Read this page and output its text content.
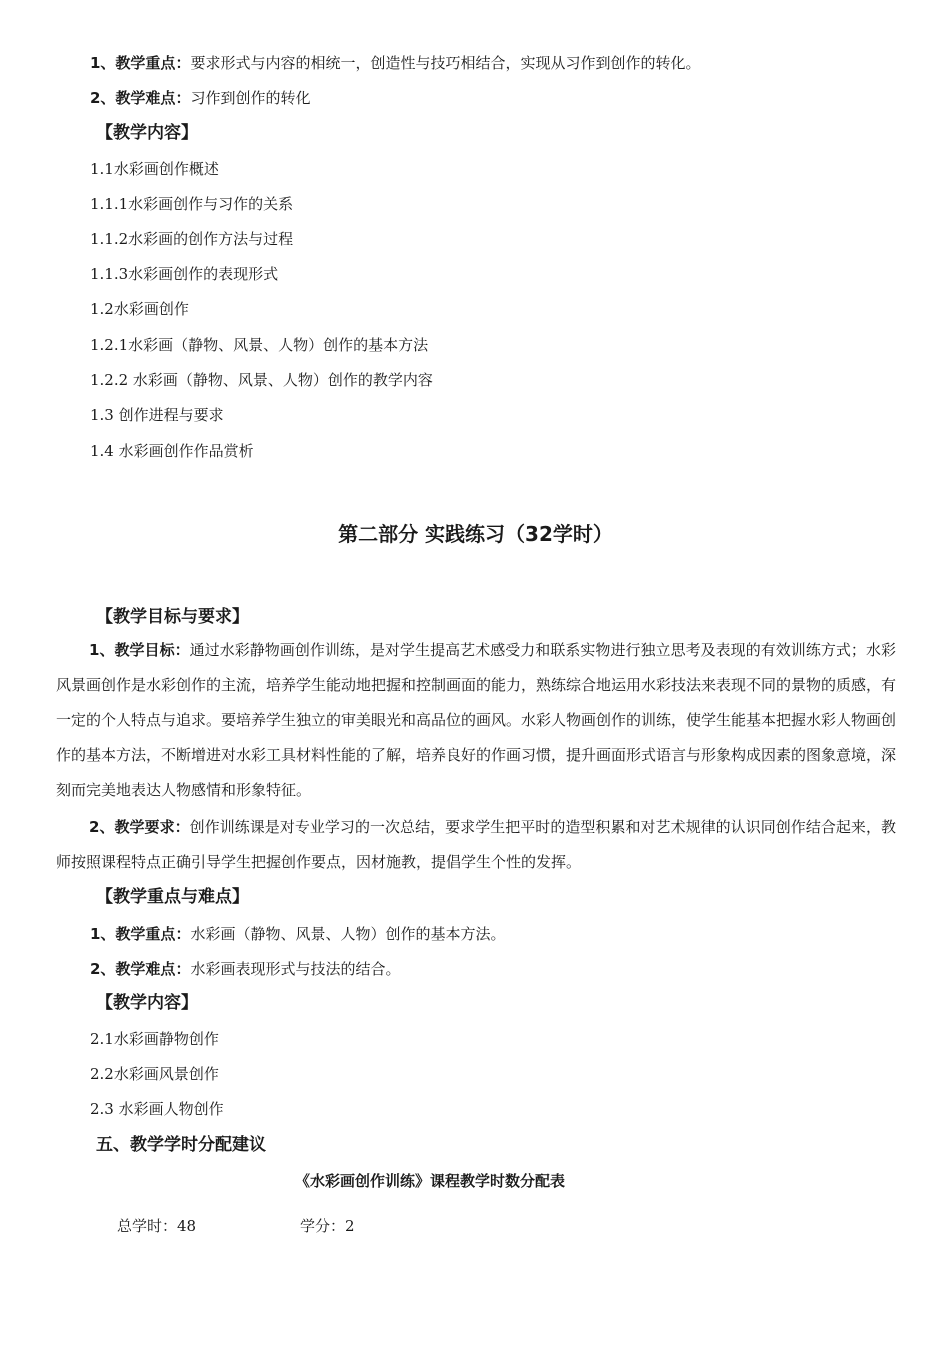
1、教学重点：要求形式与内容的相统一，创造性与技巧相结合，实现从习作到创作的转化。
2、教学难点：习作到创作的转化
【教学内容】
1.1水彩画创作概述
1.1.1水彩画创作与习作的关系
1.1.2水彩画的创作方法与过程
1.1.3水彩画创作的表现形式
1.2水彩画创作
1.2.1水彩画（静物、风景、人物）创作的基本方法
1.2.2 水彩画（静物、风景、人物）创作的教学内容
1.3 创作进程与要求
1.4 水彩画创作作品赏析
第二部分 实践练习（32学时）
【教学目标与要求】
1、教学目标：通过水彩静物画创作训练，是对学生提高艺术感受力和联系实物进行独立思考及表现的有效训练方式；水彩风景画创作是水彩创作的主流，培养学生能动地把握和控制画面的能力，熟练综合地运用水彩技法来表现不同的景物的质感，有一定的个人特点与追求。要培养学生独立的审美眼光和高品位的画风。水彩人物画创作的训练，使学生能基本把握水彩人物画创作的基本方法，不断增进对水彩工具材料性能的了解，培养良好的作画习惯，提升画面形式语言与形象构成因素的图象意境，深刻而完美地表达人物感情和形象特征。
2、教学要求：创作训练课是对专业学习的一次总结，要求学生把平时的造型积累和对艺术规律的认识同创作结合起来，教师按照课程特点正确引导学生把握创作要点，因材施教，提倡学生个性的发挥。
【教学重点与难点】
1、教学重点：水彩画（静物、风景、人物）创作的基本方法。
2、教学难点：水彩画表现形式与技法的结合。
【教学内容】
2.1水彩画静物创作
2.2水彩画风景创作
2.3 水彩画人物创作
五、教学学时分配建议
《水彩画创作训练》课程教学时数分配表
总学时：48	学分：2
